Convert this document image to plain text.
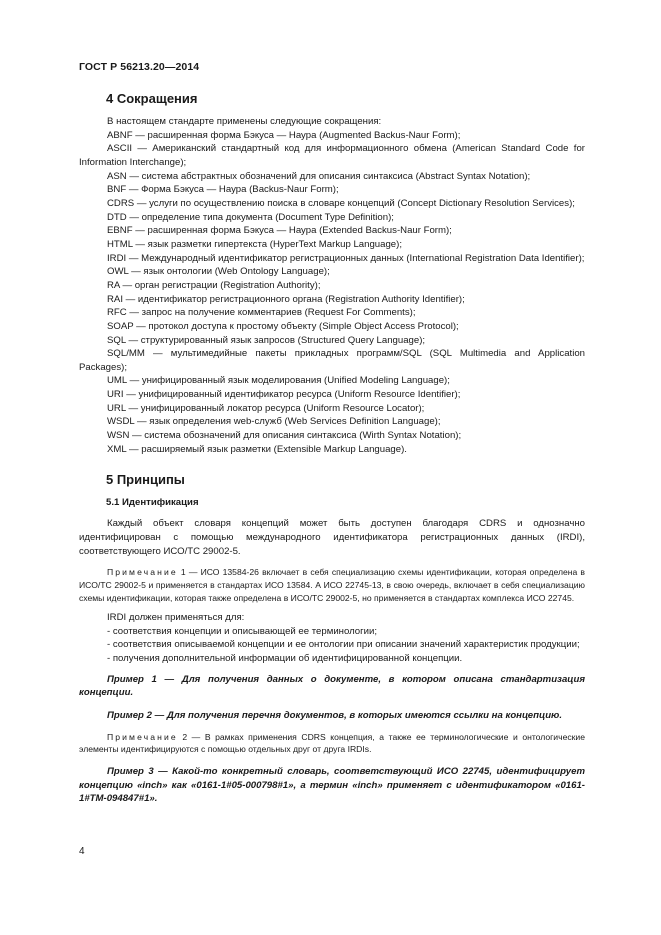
ГОСТ Р 56213.20—2014
4 Сокращения

В настоящем стандарте применены следующие сокращения:

ABNF — расширенная форма Бэкуса — Наура (Augmented Backus-Naur Form);

ASCII — Американский стандартный код для информационного обмена (American Standard Code for Information Interchange);

ASN — система абстрактных обозначений для описания синтаксиса (Abstract Syntax Notation);

BNF — Форма Бэкуса — Наура (Backus-Naur Form);

CDRS — услуги по осуществлению поиска в словаре концепций (Concept Dictionary Resolution Services);

DTD — определение типа документа (Document Type Definition);

EBNF — расширенная форма Бэкуса — Наура (Extended Backus-Naur Form);

HTML — язык разметки гипертекста (HyperText Markup Language);

IRDI — Международный идентификатор регистрационных данных (International Registration Data Identifier);

OWL — язык онтологии (Web Ontology Language);

RA — орган регистрации (Registration Authority);

RAI — идентификатор регистрационного органа (Registration Authority Identifier);

RFC — запрос на получение комментариев (Request For Comments);

SOAP — протокол доступа к простому объекту (Simple Object Access Protocol);

SQL — структурированный язык запросов (Structured Query Language);

SQL/MM — мультимедийные пакеты прикладных программ/SQL (SQL Multimedia and Application Packages);

UML — унифицированный язык моделирования (Unified Modeling Language);

URI — унифицированный идентификатор ресурса (Uniform Resource Identifier);

URL — унифицированный локатор ресурса (Uniform Resource Locator);

WSDL — язык определения web-служб (Web Services Definition Language);

WSN — система обозначений для описания синтаксиса (Wirth Syntax Notation);

XML — расширяемый язык разметки (Extensible Markup Language).

5 Принципы
5.1 Идентификация

Каждый объект словаря концепций может быть доступен благодаря CDRS и однозначно идентифицирован с помощью международного идентификатора регистрационных данных (IRDI), соответствующего ИСО/ТС 29002-5.

Примечание 1 — ИСО 13584-26 включает в себя специализацию схемы идентификации, которая определена в ИСО/ТС 29002-5 и применяется в стандартах ИСО 13584. А ИСО 22745-13, в свою очередь, включает в себя специализацию схемы идентификации, которая также определена в ИСО/ТС 29002-5, но применяется в стандартах комплекса ИСО 22745.

IRDI должен применяться для:

- соответствия концепции и описывающей ее терминологии;

- соответствия описываемой концепции и ее онтологии при описании значений характеристик продукции;

- получения дополнительной информации об идентифицированной концепции.

Пример 1 — Для получения данных о документе, в котором описана стандартизация концепции.

Пример 2 — Для получения перечня документов, в которых имеются ссылки на концепцию.

Примечание 2 — В рамках применения CDRS концепция, а также ее терминологические и онтологические элементы идентифицируются с помощью отдельных друг от друга IRDIs.

Пример 3 — Какой-то конкретный словарь, соответствующий ИСО 22745, идентифицирует концепцию «inch» как «0161-1#05-000798#1», а термин «inch» применяет с идентификатором «0161-1#TM-094847#1».

4
